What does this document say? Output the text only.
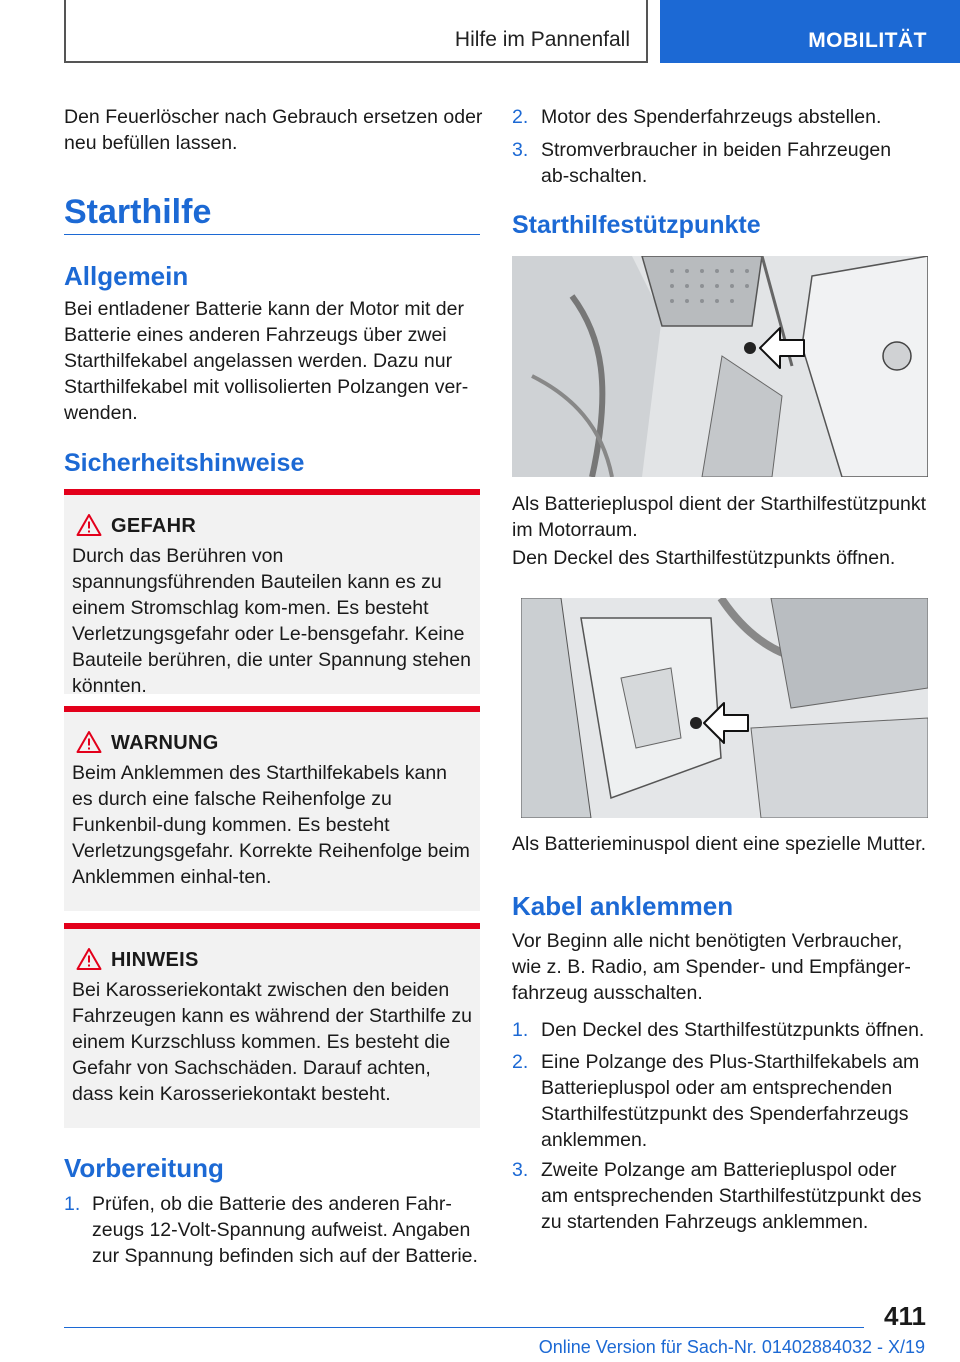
Hilfe im Pannenfall	MOBILITÄT

Den Feuerlöscher nach Gebrauch ersetzen oder neu befüllen lassen.

Starthilfe
Allgemein

Bei entladener Batterie kann der Motor mit der Batterie eines anderen Fahrzeugs über zwei Starthilfekabel angelassen werden. Dazu nur Starthilfekabel mit vollisolierten Polzangen ver-wenden.

Sicherheitshinweise
GEFAHR
Durch das Berühren von spannungsführenden Bauteilen kann es zu einem Stromschlag kom-men. Es besteht Verletzungsgefahr oder Le-bensgefahr. Keine Bauteile berühren, die unter Spannung stehen könnten.
WARNUNG
Beim Anklemmen des Starthilfekabels kann es durch eine falsche Reihenfolge zu Funkenbil-dung kommen. Es besteht Verletzungsgefahr. Korrekte Reihenfolge beim Anklemmen einhal-ten.
HINWEIS
Bei Karosseriekontakt zwischen den beiden Fahrzeugen kann es während der Starthilfe zu einem Kurzschluss kommen. Es besteht die Gefahr von Sachschäden. Darauf achten, dass kein Karosseriekontakt besteht.
Vorbereitung
1. Prüfen, ob die Batterie des anderen Fahr-zeugs 12-Volt-Spannung aufweist. Angaben zur Spannung befinden sich auf der Batterie.
2. Motor des Spenderfahrzeugs abstellen.
3. Stromverbraucher in beiden Fahrzeugen ab-schalten.
Starthilfestützpunkte

Als Batteriepluspol dient der Starthilfestützpunkt im Motorraum.

Den Deckel des Starthilfestützpunkts öffnen.

Als Batterieminuspol dient eine spezielle Mutter.

Kabel anklemmen

Vor Beginn alle nicht benötigten Verbraucher, wie z. B. Radio, am Spender- und Empfänger-fahrzeug ausschalten.

1. Den Deckel des Starthilfestützpunkts öffnen.
2. Eine Polzange des Plus-Starthilfekabels am Batteriepluspol oder am entsprechenden Starthilfestützpunkt des Spenderfahrzeugs anklemmen.
3. Zweite Polzange am Batteriepluspol oder am entsprechenden Starthilfestützpunkt des zu startenden Fahrzeugs anklemmen.
411
Online Version für Sach-Nr. 01402884032 - X/19
